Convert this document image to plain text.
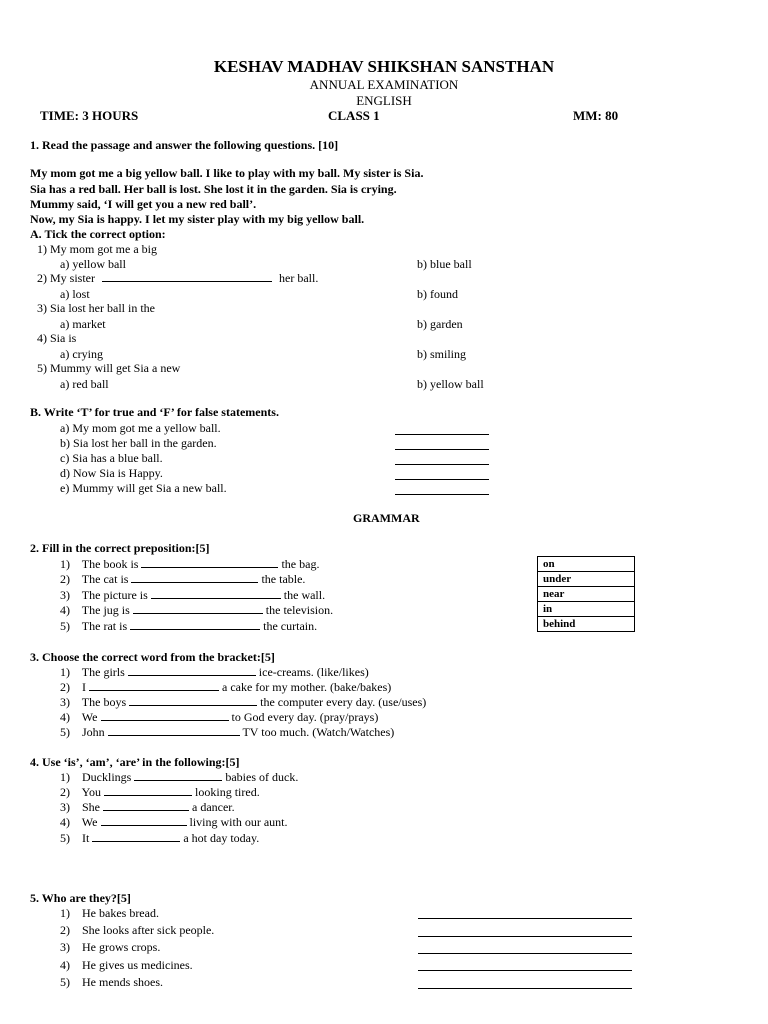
KESHAV MADHAV SHIKSHAN SANSTHAN
ANNUAL EXAMINATION
ENGLISH
TIME: 3 HOURS	CLASS 1	MM: 80
1. Read the passage and answer the following questions. [10]
My mom got me a big yellow ball. I like to play with my ball. My sister is Sia.
Sia has a red ball. Her ball is lost. She lost it in the garden. Sia is crying.
Mummy said, ‘I will get you a new red ball’.
Now, my Sia is happy. I let my sister play with my big yellow ball.
A. Tick the correct option:
1) My mom got me a big
a) yellow ball	b) blue ball
2) My sister	her ball.
a) lost	b) found
3) Sia lost her ball in the
a) market	b) garden
4) Sia is
a) crying	b) smiling
5) Mummy will get Sia a new
a) red ball	b) yellow ball
B. Write ‘T’ for true and ‘F’ for false statements.
a) My mom got me a yellow ball.
b) Sia lost her ball in the garden.
c) Sia has a blue ball.
d) Now Sia is Happy.
e) Mummy will get Sia a new ball.
GRAMMAR
2. Fill in the correct preposition:[5]
1) The book is	the bag.
2) The cat is	the table.
3) The picture is	the wall.
4) The jug is	the television.
5) The rat is	the curtain.
on
under
near
in
behind
3. Choose the correct word from the bracket:[5]
1) The girls	ice-creams. (like/likes)
2) I	a cake for my mother. (bake/bakes)
3) The boys	the computer every day. (use/uses)
4) We	to God every day. (pray/prays)
5) John	TV too much. (Watch/Watches)
4. Use ‘is’, ‘am’, ‘are’ in the following:[5]
1) Ducklings	babies of duck.
2) You	looking tired.
3) She	a dancer.
4) We	living with our aunt.
5) It	a hot day today.
5. Who are they?[5]
1) He bakes bread.
2) She looks after sick people.
3) He grows crops.
4) He gives us medicines.
5) He mends shoes.
